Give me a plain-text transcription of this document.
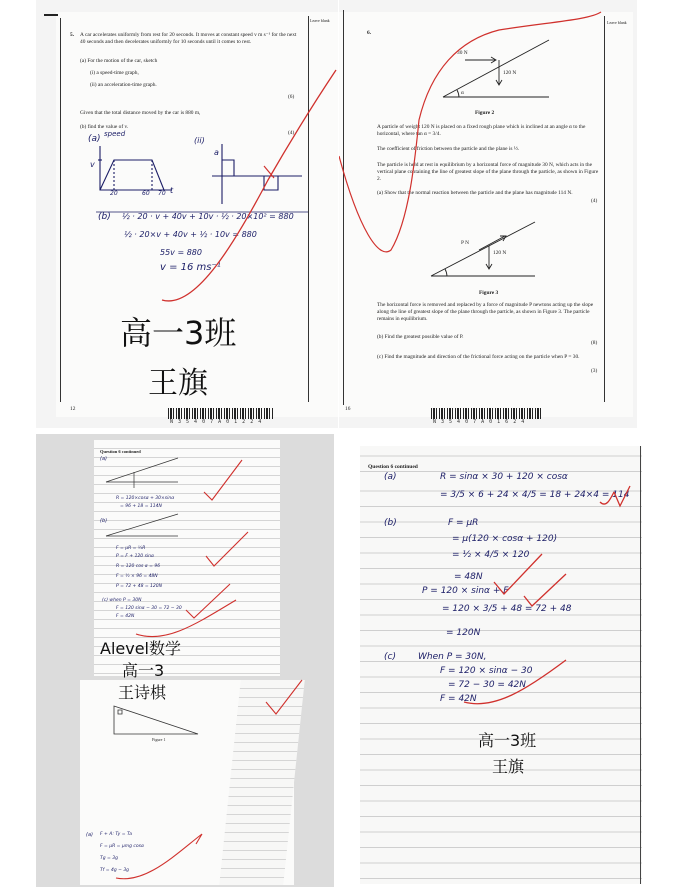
Leave blank
5. A car accelerates uniformly from rest for 20 seconds. It moves at constant speed v m s⁻¹ for the next 40 seconds and then decelerates uniformly for 10 seconds until it comes to rest.
(a) For the motion of the car, sketch
(i) a speed-time graph,
(ii) an acceleration-time graph.
(6)
Given that the total distance moved by the car is 880 m,
(b) find the value of v.
(4)
(a) speed
(ii)
v
t
a
20	60 70
(b) ½ · 20 · v + 40v + 10v · ½ · 20×10² = 880
½ · 20×v + 40v + ½ · 10v = 880
55v = 880
v = 16 ms⁻¹
高一3班
王旗
12
N 3 5 4 0 7 A 0 1 2 2 4
Leave blank
6.
30 N
120 N
α
Figure 2
A particle of weight 120 N is placed on a fixed rough plane which is inclined at an angle α to the horizontal, where tan α = 3/4.
The coefficient of friction between the particle and the plane is ½.
The particle is held at rest in equilibrium by a horizontal force of magnitude 30 N, which acts in the vertical plane containing the line of greatest slope of the plane through the particle, as shown in Figure 2.
(a) Show that the normal reaction between the particle and the plane has magnitude 114 N.
(4)
P N
120 N
Figure 3
The horizontal force is removed and replaced by a force of magnitude P newtons acting up the slope along the line of greatest slope of the plane through the particle, as shown in Figure 3. The particle remains in equilibrium.
(b) Find the greatest possible value of P.
(8)
(c) Find the magnitude and direction of the frictional force acting on the particle when P = 30.
(3)
16
N 3 5 4 0 7 A 0 1 6 2 4
Question 6 continued
(a)
R = 120×cosα + 30×sinα
= 96 + 18 = 114N
(b)
F = μR = ½R
P = F + 120 sinα
R = 120 cos α = 96
F = ½ × 96 = 48N
P = 72 + 48 = 120N
(c) when P = 30N
F = 120 sinα − 30 = 72 − 30
F = 42N
Alevel数学
高一3
Figure 1
王诗棋
(a) F + A: Ty = Ta
F = μR = μmg cosα
Tg = 3g
Tf = 4g − 3g
Question 6 continued
(a)	R = sinα × 30 + 120 × cosα
= 3/5 × 6 + 24 × 4/5 = 18 + 24×4 = 114
(b)	F = μR
= μ(120 × cosα + 120)
= ½ × 4/5 × 120
= 48N
P = 120 × sinα + F
= 120 × 3/5 + 48 = 72 + 48
= 120N
(c) When P = 30N,
F = 120 × sinα − 30
= 72 − 30 = 42N
F = 42N
高一3班
王旗
